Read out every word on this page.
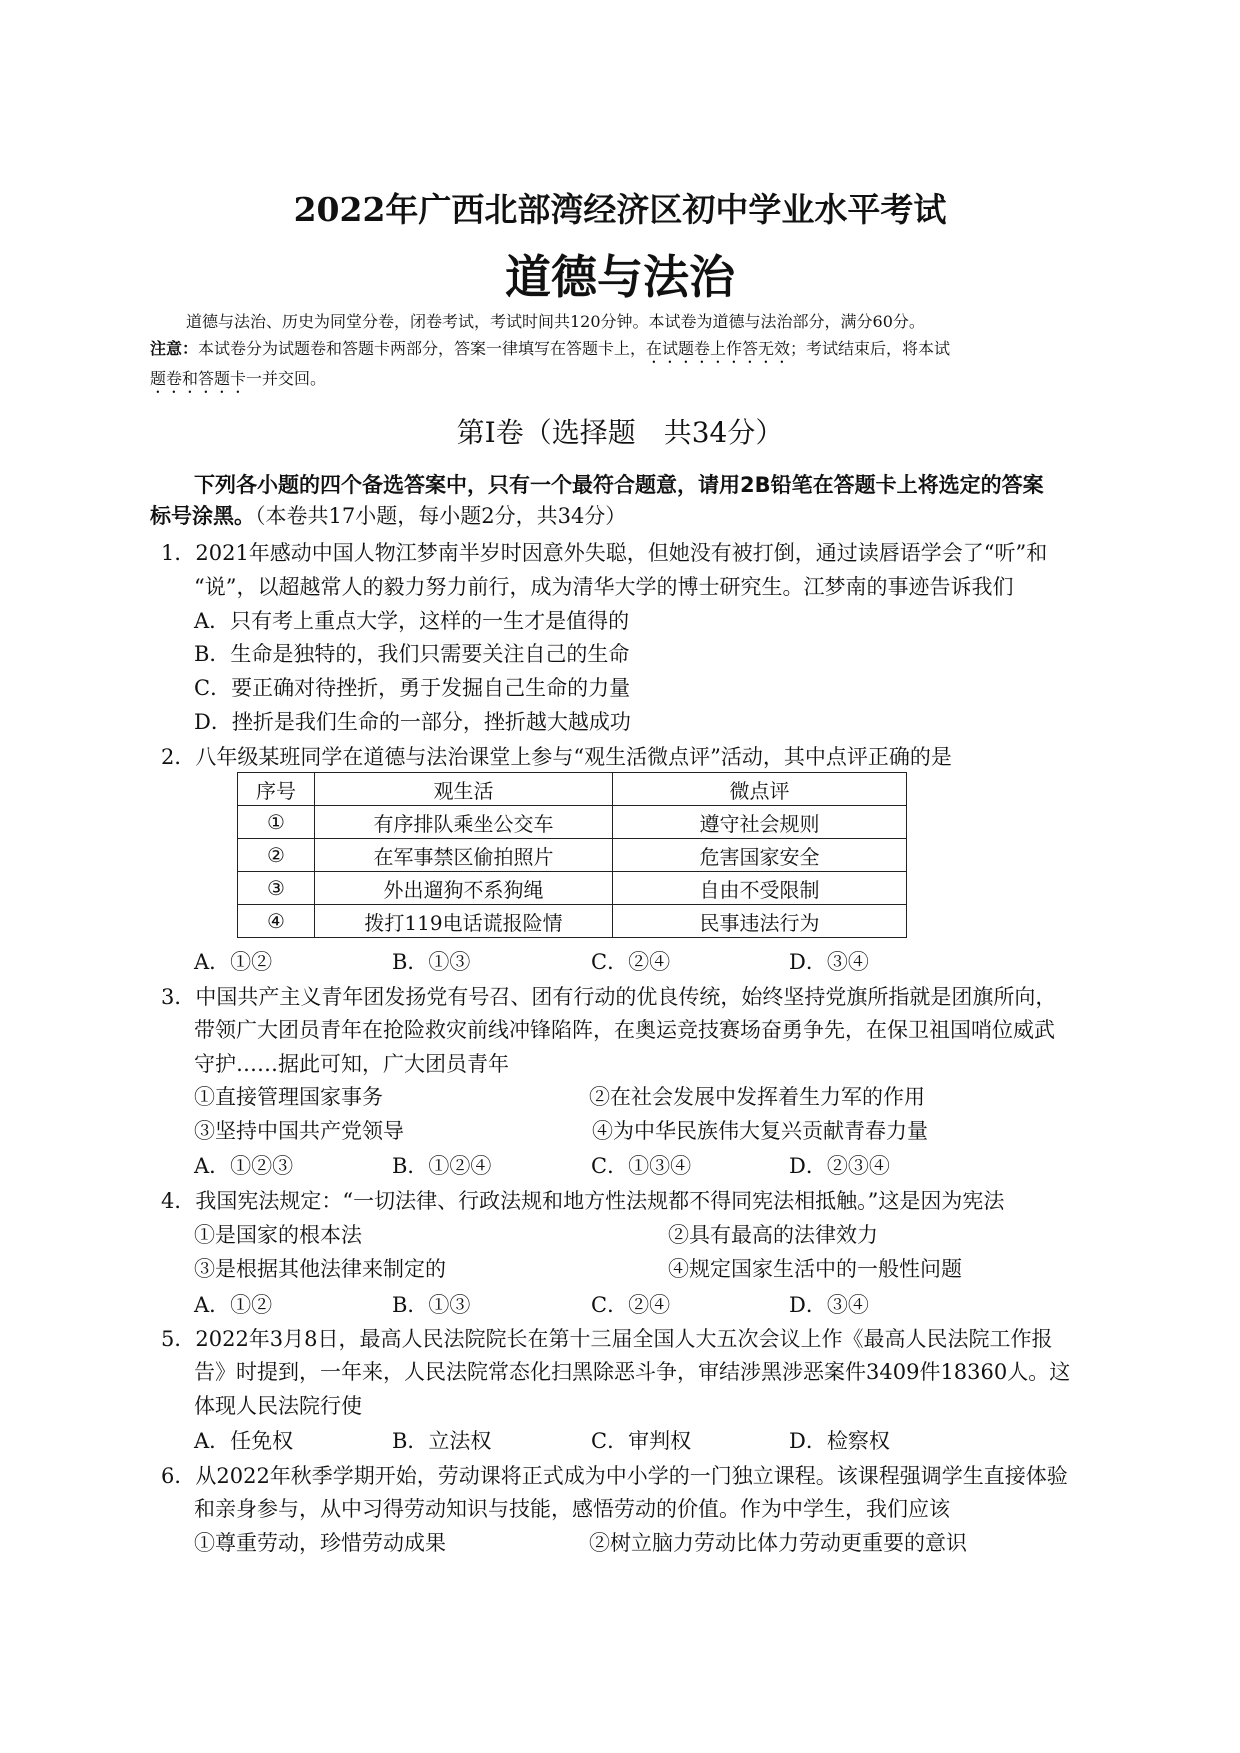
2022年广西北部湾经济区初中学业水平考试
道德与法治
道德与法治、历史为同堂分卷，闭卷考试，考试时间共120分钟。本试卷为道德与法治部分，满分60分。
注意：本试卷分为试题卷和答题卡两部分，答案一律填写在答题卡上，在试题卷上作答无效；考试结束后，将本试
题卷和答题卡一并交回。
第Ⅰ卷（选择题　共34分）
下列各小题的四个备选答案中，只有一个最符合题意，请用2B铅笔在答题卡上将选定的答案
标号涂黑。（本卷共17小题，每小题2分，共34分）
1．2021年感动中国人物江梦南半岁时因意外失聪，但她没有被打倒，通过读唇语学会了“听”和
“说”，以超越常人的毅力努力前行，成为清华大学的博士研究生。江梦南的事迹告诉我们
A．只有考上重点大学，这样的一生才是值得的
B．生命是独特的，我们只需要关注自己的生命
C．要正确对待挫折，勇于发掘自己生命的力量
D．挫折是我们生命的一部分，挫折越大越成功
2．八年级某班同学在道德与法治课堂上参与“观生活微点评”活动，其中点评正确的是
序号	观生活	微点评
①	有序排队乘坐公交车	遵守社会规则
②	在军事禁区偷拍照片	危害国家安全
③	外出遛狗不系狗绳	自由不受限制
④	拨打119电话谎报险情	民事违法行为
A．①②	B．①③	C．②④	D．③④
3．中国共产主义青年团发扬党有号召、团有行动的优良传统，始终坚持党旗所指就是团旗所向，
带领广大团员青年在抢险救灾前线冲锋陷阵，在奥运竞技赛场奋勇争先，在保卫祖国哨位威武
守护……据此可知，广大团员青年
①直接管理国家事务	②在社会发展中发挥着生力军的作用
③坚持中国共产党领导	④为中华民族伟大复兴贡献青春力量
A．①②③	B．①②④	C．①③④	D．②③④
4．我国宪法规定：“一切法律、行政法规和地方性法规都不得同宪法相抵触。”这是因为宪法
①是国家的根本法	②具有最高的法律效力
③是根据其他法律来制定的	④规定国家生活中的一般性问题
A．①②	B．①③	C．②④	D．③④
5．2022年3月8日，最高人民法院院长在第十三届全国人大五次会议上作《最高人民法院工作报
告》时提到，一年来，人民法院常态化扫黑除恶斗争，审结涉黑涉恶案件3409件18360人。这
体现人民法院行使
A．任免权	B．立法权	C．审判权	D．检察权
6．从2022年秋季学期开始，劳动课将正式成为中小学的一门独立课程。该课程强调学生直接体验
和亲身参与，从中习得劳动知识与技能，感悟劳动的价值。作为中学生，我们应该
①尊重劳动，珍惜劳动成果	②树立脑力劳动比体力劳动更重要的意识
